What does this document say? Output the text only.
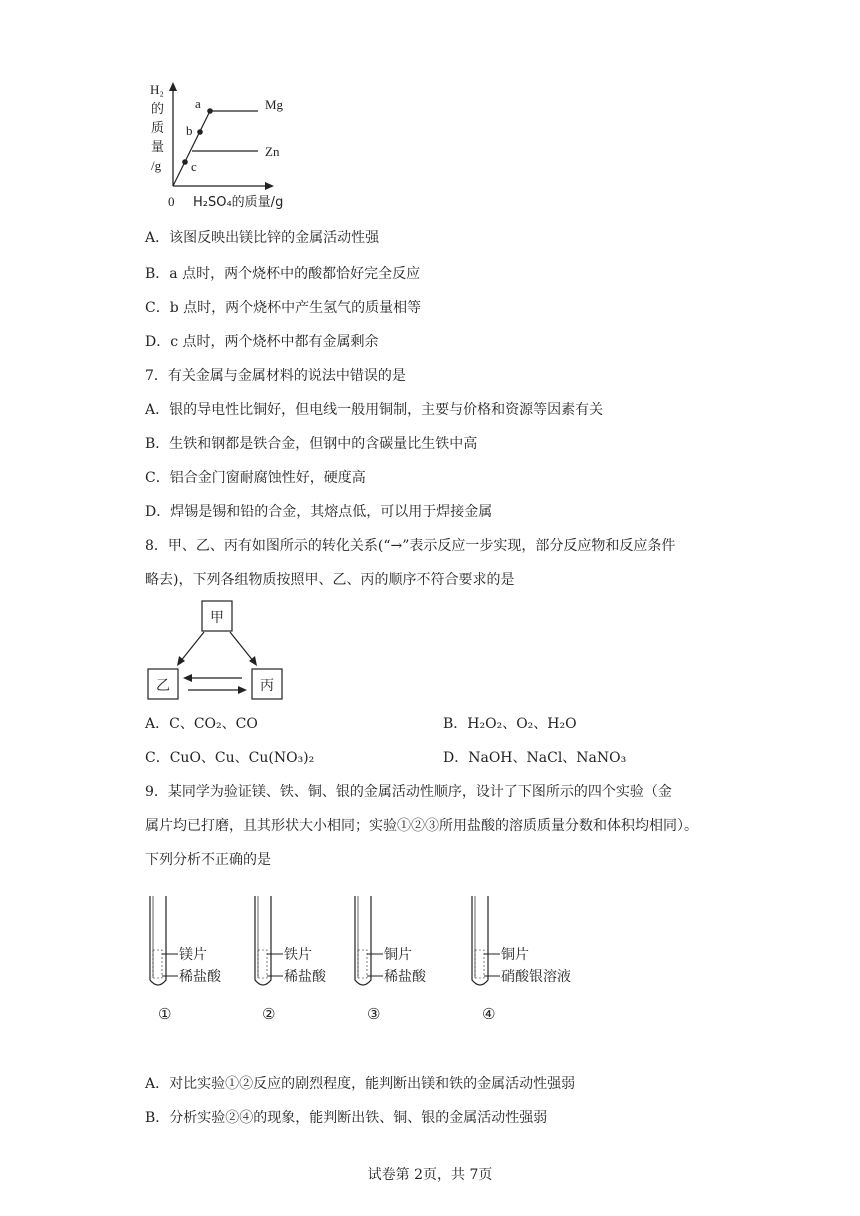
a
b
c
Mg
Zn
H₂
的
质
量
/g
0 H₂SO₄的质量/g
A．该图反映出镁比锌的金属活动性强
B．a 点时，两个烧杯中的酸都恰好完全反应
C．b 点时，两个烧杯中产生氢气的质量相等
D．c 点时，两个烧杯中都有金属剩余
7．有关金属与金属材料的说法中错误的是
A．银的导电性比铜好，但电线一般用铜制，主要与价格和资源等因素有关
B．生铁和钢都是铁合金，但钢中的含碳量比生铁中高
C．铝合金门窗耐腐蚀性好，硬度高
D．焊锡是锡和铅的合金，其熔点低，可以用于焊接金属
8．甲、乙、丙有如图所示的转化关系(“→”表示反应一步实现，部分反应物和反应条件
略去)，下列各组物质按照甲、乙、丙的顺序不符合要求的是
甲
乙	丙
A．C、CO₂、CO	B．H₂O₂、O₂、H₂O
C．CuO、Cu、Cu(NO₃)₂	D．NaOH、NaCl、NaNO₃
9．某同学为验证镁、铁、铜、银的金属活动性顺序，设计了下图所示的四个实验（金
属片均已打磨，且其形状大小相同；实验①②③所用盐酸的溶质质量分数和体积均相同）。
下列分析不正确的是
镁片
稀盐酸
①
铁片
稀盐酸
②
铜片
稀盐酸
③
铜片
硝酸银溶液
④
A．对比实验①②反应的剧烈程度，能判断出镁和铁的金属活动性强弱
B．分析实验②④的现象，能判断出铁、铜、银的金属活动性强弱
试卷第 2页，共 7页
